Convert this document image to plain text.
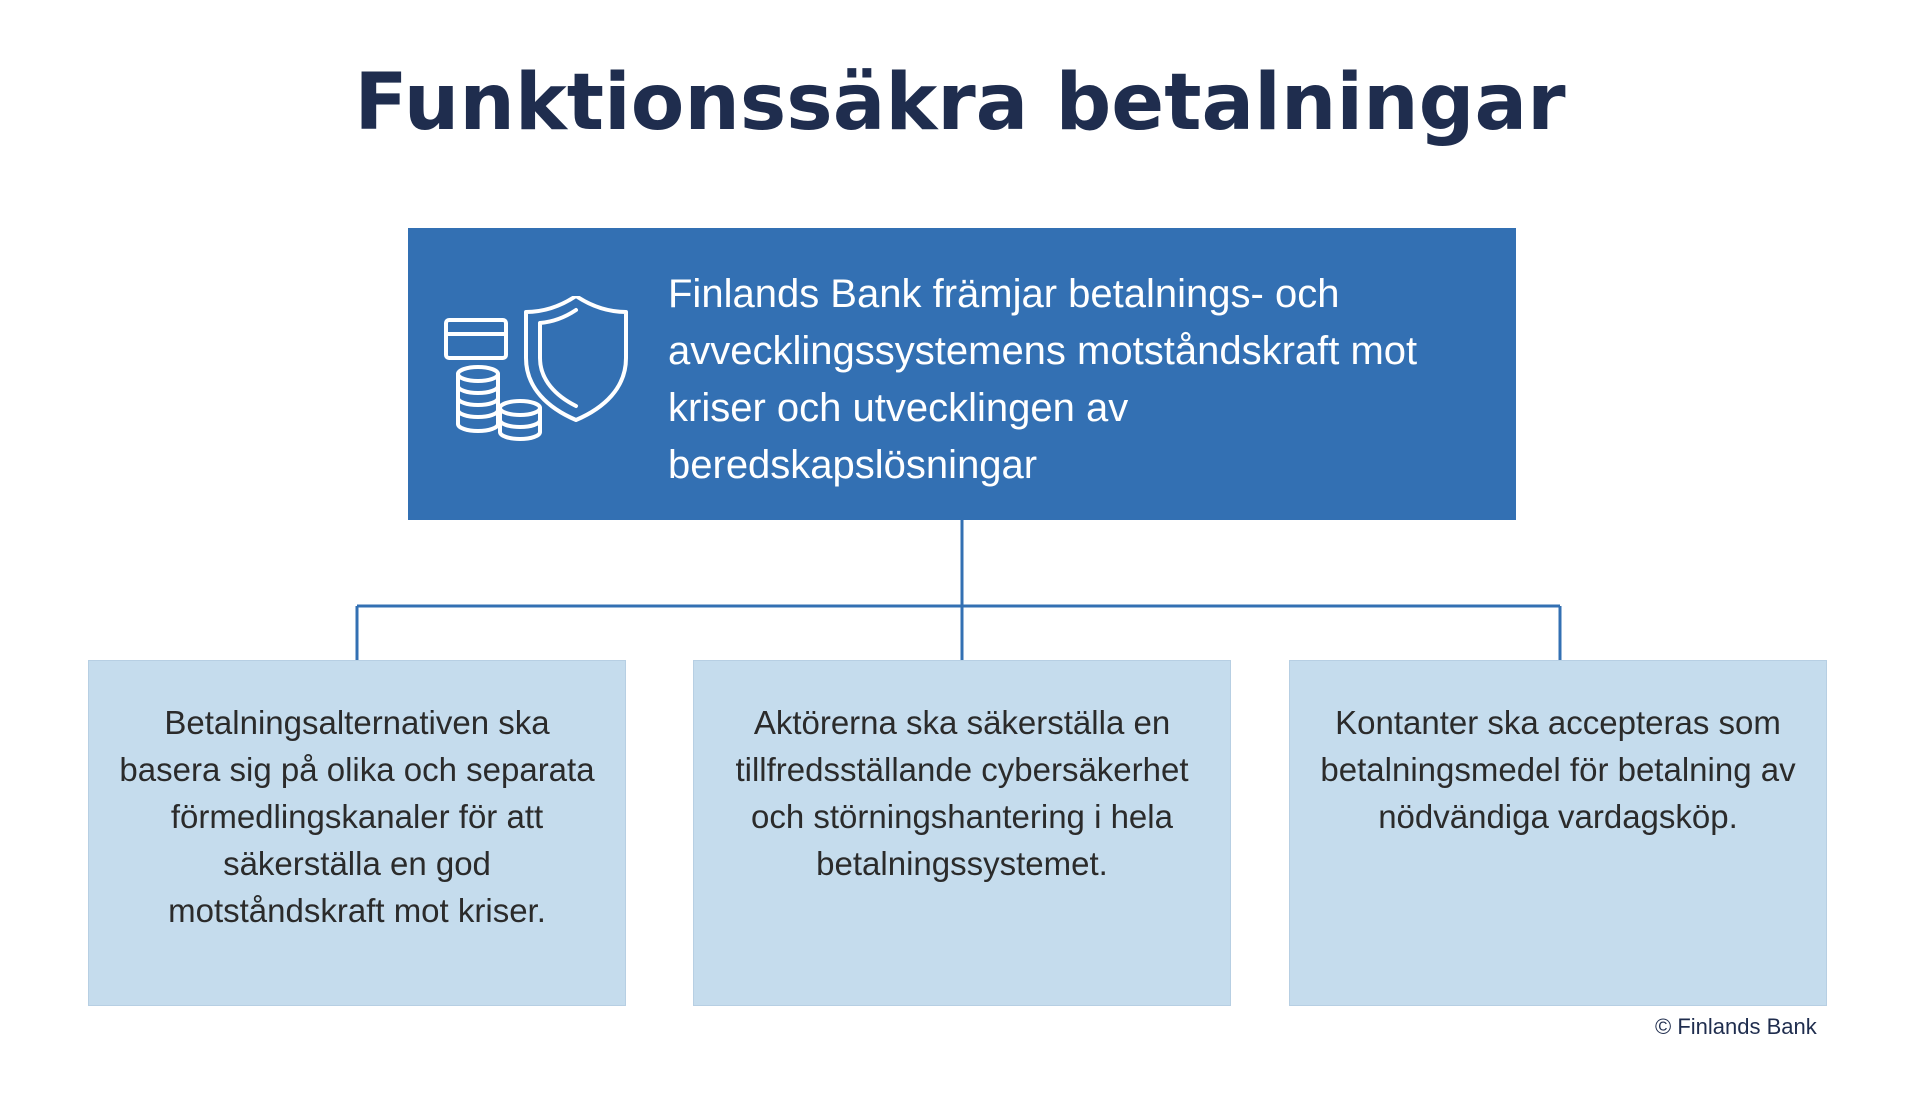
Funktionssäkra betalningar
Finlands Bank främjar betalnings- och avvecklingssystemens motståndskraft mot kriser och utvecklingen av beredskapslösningar
Betalningsalternativen ska basera sig på olika och separata förmedlingskanaler för att säkerställa en god motståndskraft mot kriser.
Aktörerna ska säkerställa en tillfredsställande cybersäkerhet och störningshantering i hela betalningssystemet.
Kontanter ska accepteras som betalningsmedel för betalning av nödvändiga vardagsköp.
© Finlands Bank
